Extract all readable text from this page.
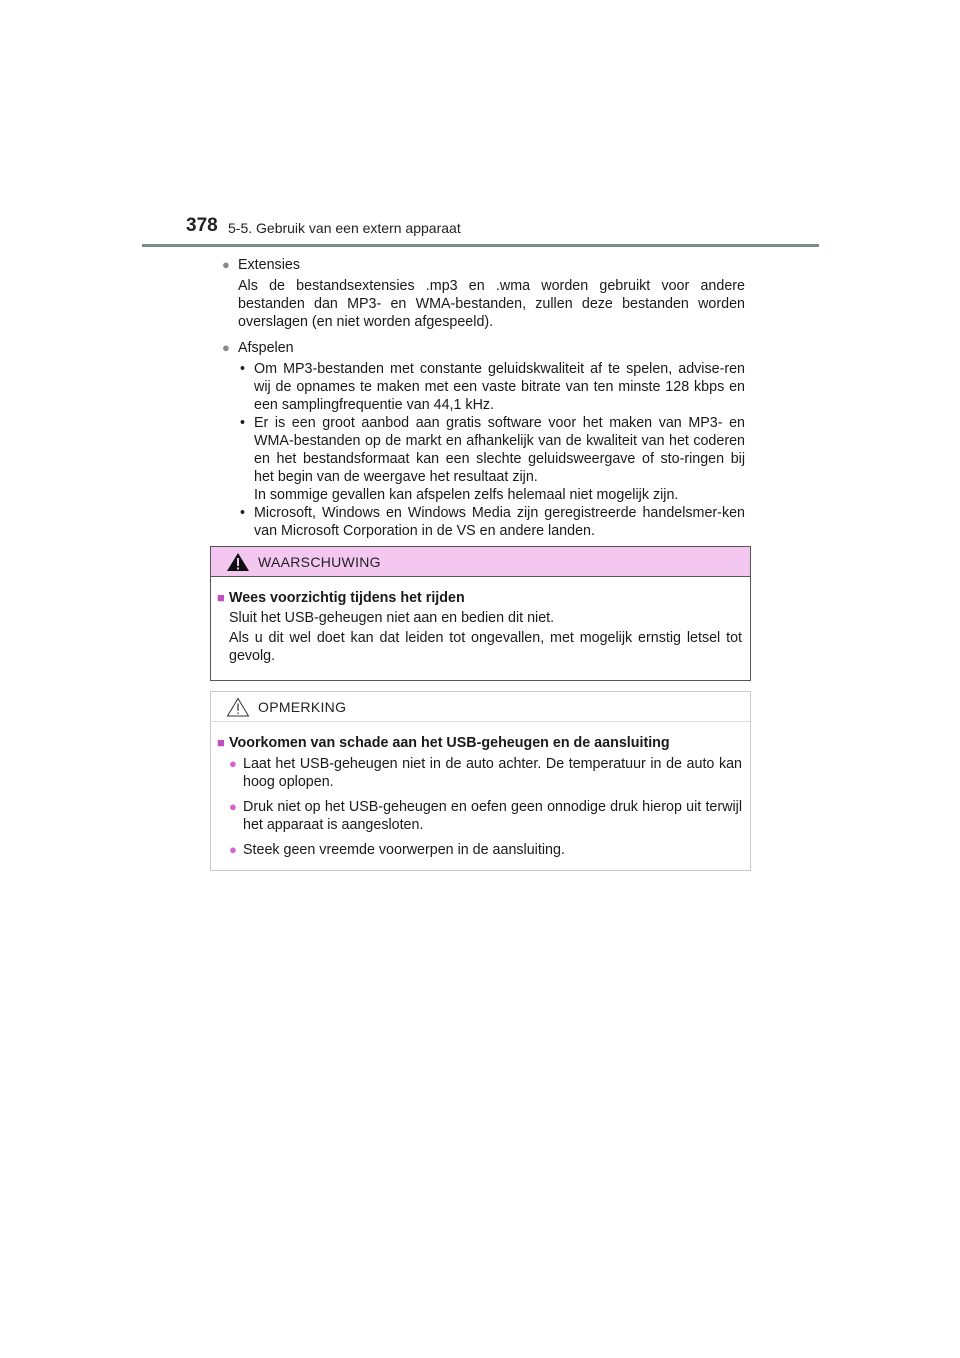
378 5-5. Gebruik van een extern apparaat
● Extensies
Als de bestandsextensies .mp3 en .wma worden gebruikt voor andere bestanden dan MP3- en WMA-bestanden, zullen deze bestanden worden overslagen (en niet worden afgespeeld).
● Afspelen
• Om MP3-bestanden met constante geluidskwaliteit af te spelen, advise-ren wij de opnames te maken met een vaste bitrate van ten minste 128 kbps en een samplingfrequentie van 44,1 kHz.
• Er is een groot aanbod aan gratis software voor het maken van MP3- en WMA-bestanden op de markt en afhankelijk van de kwaliteit van het coderen en het bestandsformaat kan een slechte geluidsweergave of sto-ringen bij het begin van de weergave het resultaat zijn.
In sommige gevallen kan afspelen zelfs helemaal niet mogelijk zijn.
• Microsoft, Windows en Windows Media zijn geregistreerde handelsmer-ken van Microsoft Corporation in de VS en andere landen.
WAARSCHUWING
■ Wees voorzichtig tijdens het rijden
Sluit het USB-geheugen niet aan en bedien dit niet.
Als u dit wel doet kan dat leiden tot ongevallen, met mogelijk ernstig letsel tot gevolg.
OPMERKING
■ Voorkomen van schade aan het USB-geheugen en de aansluiting
● Laat het USB-geheugen niet in de auto achter. De temperatuur in de auto kan hoog oplopen.
● Druk niet op het USB-geheugen en oefen geen onnodige druk hierop uit terwijl het apparaat is aangesloten.
● Steek geen vreemde voorwerpen in de aansluiting.
